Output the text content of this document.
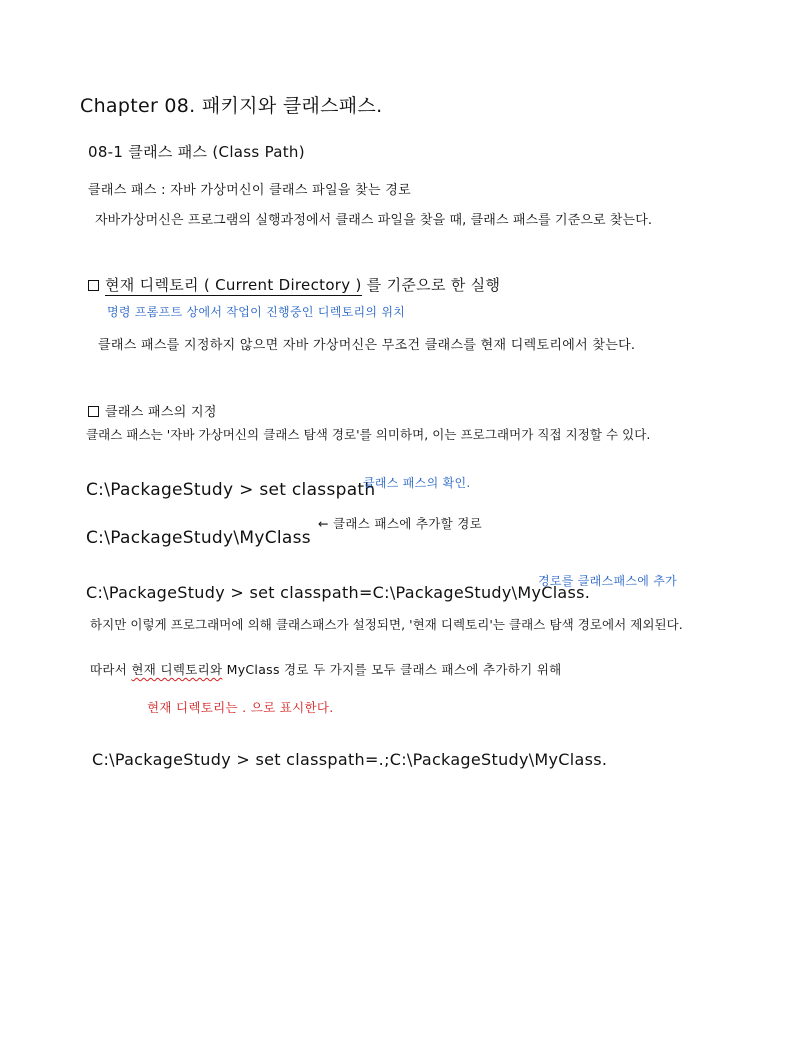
Chapter 08. 패키지와 클래스패스.
08-1 클래스 패스 (Class Path)
클래스 패스 : 자바 가상머신이 클래스 파일을 찾는 경로
자바가상머신은 프로그램의 실행과정에서 클래스 파일을 찾을 때, 클래스 패스를 기준으로 찾는다.
현재 디렉토리 ( Current Directory ) 를 기준으로 한 실행
명령 프롬프트 상에서 작업이 진행중인 디렉토리의 위치
클래스 패스를 지정하지 않으면 자바 가상머신은 무조건 클래스를 현재 디렉토리에서 찾는다.
클래스 패스의 지정
클래스 패스는 '자바 가상머신의 클래스 탐색 경로'를 의미하며, 이는 프로그래머가 직접 지정할 수 있다.
C:\PackageStudy > set classpath
클래스 패스의 확인.
C:\PackageStudy\MyClass
← 클래스 패스에 추가할 경로
C:\PackageStudy > set classpath=C:\PackageStudy\MyClass.
경로를 클래스패스에 추가
하지만 이렇게 프로그래머에 의해 클래스패스가 설정되면, '현재 디렉토리'는 클래스 탐색 경로에서 제외된다.
따라서 현재 디렉토리와 MyClass 경로 두 가지를 모두 클래스 패스에 추가하기 위해
현재 디렉토리는 . 으로 표시한다.
C:\PackageStudy > set classpath=.;C:\PackageStudy\MyClass.
